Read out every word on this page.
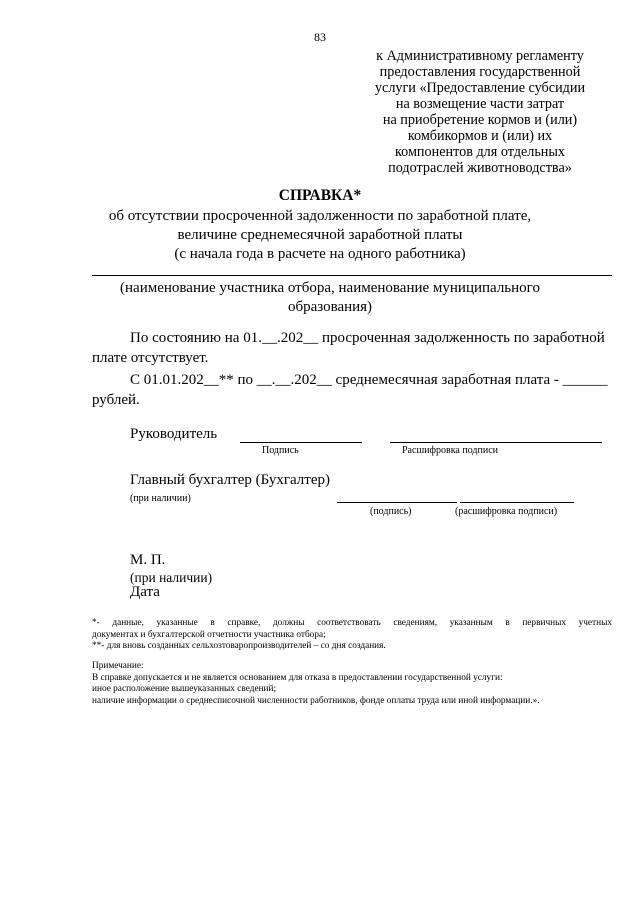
83
к Административному регламенту
предоставления государственной
услуги «Предоставление субсидии
на возмещение части затрат
на приобретение кормов и (или)
комбикормов и (или) их
компонентов для отдельных
подотраслей животноводства»
СПРАВКА*
об отсутствии просроченной задолженности по заработной плате,
величине среднемесячной заработной платы
(с начала года в расчете на одного работника)
(наименование участника отбора, наименование муниципального образования)
По состоянию на 01.__.202__ просроченная задолженность по заработной
плате отсутствует.
С 01.01.202__** по __.__.202__ среднемесячная заработная плата - ______
рублей.
Руководитель
Подпись	Расшифровка подписи
Главный бухгалтер (Бухгалтер)
(при наличии)
(подпись)	(расшифровка подписи)
М. П.
(при наличии)
Дата
*- данные, указанные в справке, должны соответствовать сведениям, указанным в первичных учетных
документах и бухгалтерской отчетности участника отбора;
**- для вновь созданных сельхозтоваропроизводителей – со дня создания.
Примечание:
В справке допускается и не является основанием для отказа в предоставлении государственной услуги:
иное расположение вышеуказанных сведений;
наличие информации о среднесписочной численности работников, фонде оплаты труда или иной информации.».
